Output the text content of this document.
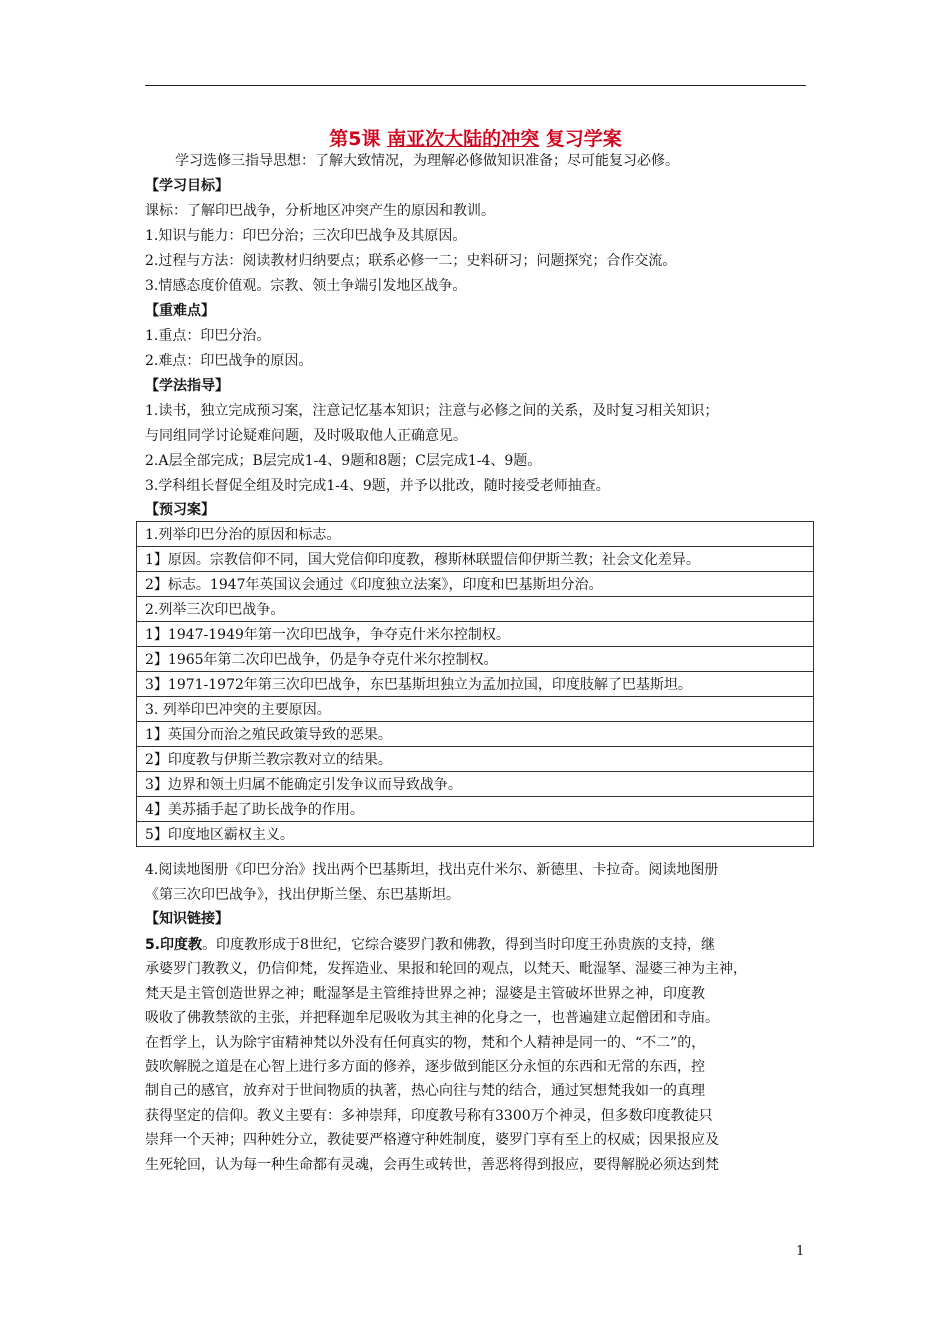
第5课 南亚次大陆的冲突 复习学案
学习选修三指导思想：了解大致情况，为理解必修做知识准备；尽可能复习必修。
【学习目标】
课标：了解印巴战争，分析地区冲突产生的原因和教训。
1.知识与能力：印巴分治；三次印巴战争及其原因。
2.过程与方法：阅读教材归纳要点；联系必修一二；史料研习；问题探究；合作交流。
3.情感态度价值观。宗教、领土争端引发地区战争。
【重难点】
1.重点：印巴分治。
2.难点：印巴战争的原因。
【学法指导】
1.读书，独立完成预习案，注意记忆基本知识；注意与必修之间的关系，及时复习相关知识；
与同组同学讨论疑难问题，及时吸取他人正确意见。
2.A层全部完成；B层完成1-4、9题和8题；C层完成1-4、9题。
3.学科组长督促全组及时完成1-4、9题，并予以批改，随时接受老师抽查。
【预习案】
1.列举印巴分治的原因和标志。
1】原因。宗教信仰不同，国大党信仰印度教，穆斯林联盟信仰伊斯兰教；社会文化差异。
2】标志。1947年英国议会通过《印度独立法案》，印度和巴基斯坦分治。
2.列举三次印巴战争。
1】1947-1949年第一次印巴战争，争夺克什米尔控制权。
2】1965年第二次印巴战争，仍是争夺克什米尔控制权。
3】1971-1972年第三次印巴战争，东巴基斯坦独立为孟加拉国，印度肢解了巴基斯坦。
3. 列举印巴冲突的主要原因。
1】英国分而治之殖民政策导致的恶果。
2】印度教与伊斯兰教宗教对立的结果。
3】边界和领土归属不能确定引发争议而导致战争。
4】美苏插手起了助长战争的作用。
5】印度地区霸权主义。
4.阅读地图册《印巴分治》找出两个巴基斯坦，找出克什米尔、新德里、卡拉奇。阅读地图册
《第三次印巴战争》，找出伊斯兰堡、东巴基斯坦。
【知识链接】
5.印度教。印度教形成于8世纪，它综合婆罗门教和佛教，得到当时印度王孙贵族的支持，继
承婆罗门教教义，仍信仰梵，发挥造业、果报和轮回的观点，以梵天、毗湿拏、湿婆三神为主神，
梵天是主管创造世界之神；毗湿拏是主管维持世界之神；湿婆是主管破坏世界之神，印度教
吸收了佛教禁欲的主张，并把释迦牟尼吸收为其主神的化身之一，也普遍建立起僧团和寺庙。
在哲学上，认为除宇宙精神梵以外没有任何真实的物，梵和个人精神是同一的、“不二”的，
鼓吹解脱之道是在心智上进行多方面的修养，逐步做到能区分永恒的东西和无常的东西，控
制自己的感官，放弃对于世间物质的执著，热心向往与梵的结合，通过冥想梵我如一的真理
获得坚定的信仰。教义主要有：多神崇拜，印度教号称有3300万个神灵，但多数印度教徒只
崇拜一个天神；四种姓分立，教徒要严格遵守种姓制度，婆罗门享有至上的权威；因果报应及
生死轮回，认为每一种生命都有灵魂，会再生或转世，善恶将得到报应，要得解脱必须达到梵
1
